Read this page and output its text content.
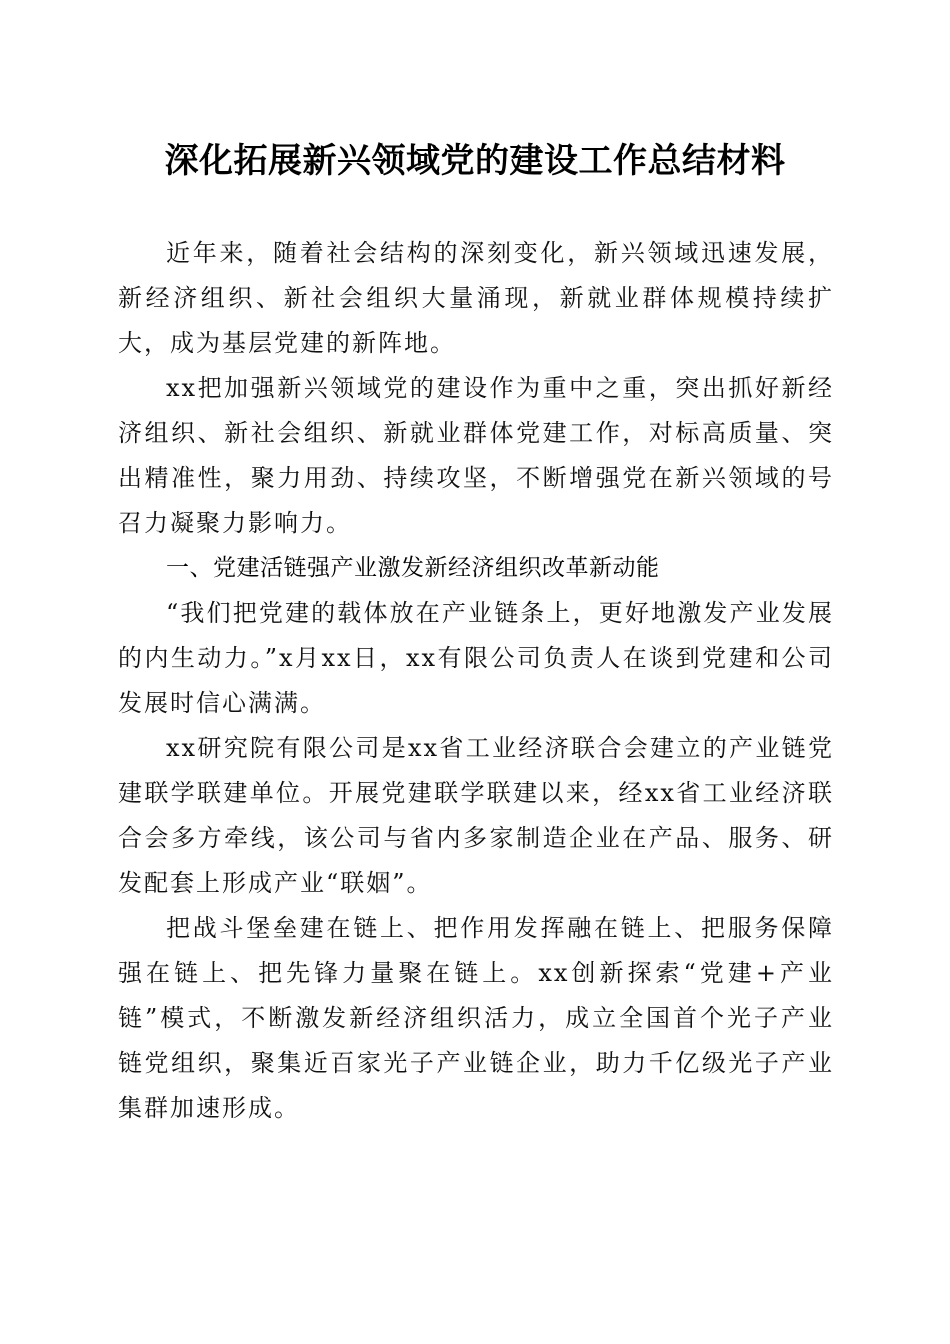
深化拓展新兴领域党的建设工作总结材料

近年来，随着社会结构的深刻变化，新兴领域迅速发展，新经济组织、新社会组织大量涌现，新就业群体规模持续扩大，成为基层党建的新阵地。

xx把加强新兴领域党的建设作为重中之重，突出抓好新经济组织、新社会组织、新就业群体党建工作，对标高质量、突出精准性，聚力用劲、持续攻坚，不断增强党在新兴领域的号召力凝聚力影响力。

一、党建活链强产业激发新经济组织改革新动能

“我们把党建的载体放在产业链条上，更好地激发产业发展的内生动力。”x月xx日，xx有限公司负责人在谈到党建和公司发展时信心满满。

xx研究院有限公司是xx省工业经济联合会建立的产业链党建联学联建单位。开展党建联学联建以来，经xx省工业经济联合会多方牵线，该公司与省内多家制造企业在产品、服务、研发配套上形成产业“联姻”。

把战斗堡垒建在链上、把作用发挥融在链上、把服务保障强在链上、把先锋力量聚在链上。xx创新探索“党建+产业链”模式，不断激发新经济组织活力，成立全国首个光子产业链党组织，聚集近百家光子产业链企业，助力千亿级光子产业集群加速形成。
